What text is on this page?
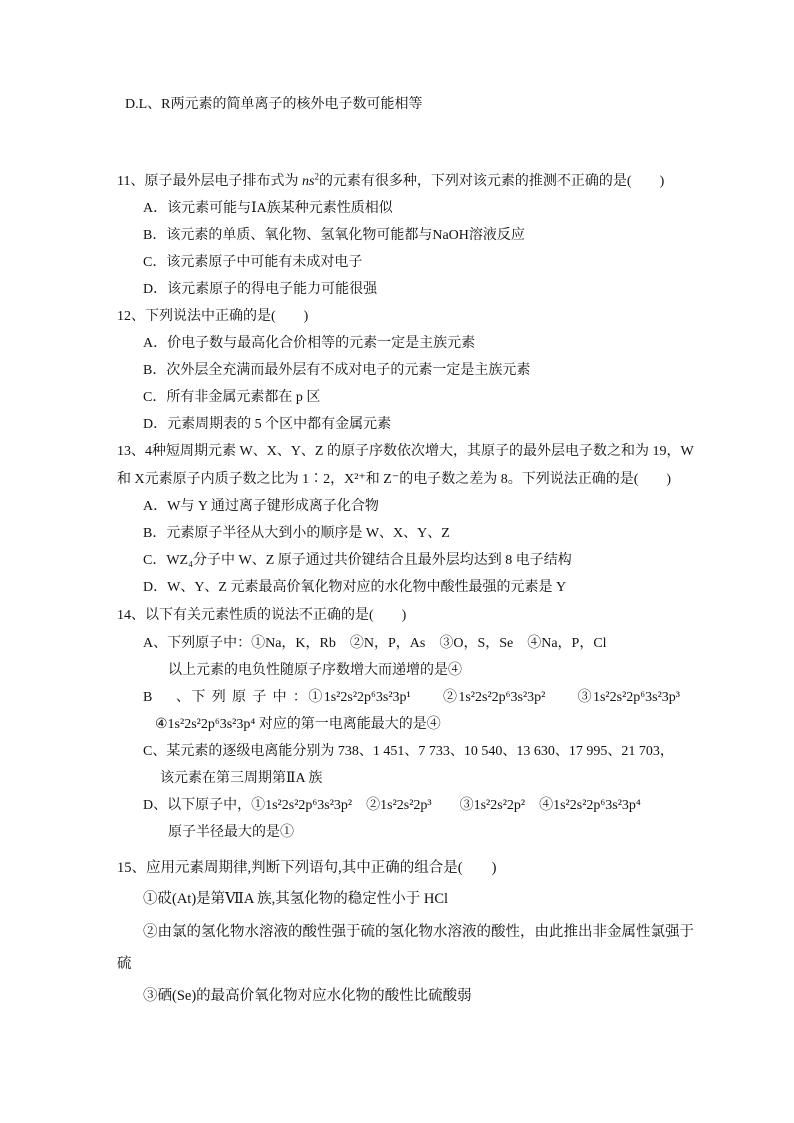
D.L、R两元素的简单离子的核外电子数可能相等
11、原子最外层电子排布式为 $ns^2$的元素有很多种，下列对该元素的推测不正确的是(　　)
A．该元素可能与ⅠA族某种元素性质相似
B．该元素的单质、氧化物、氢氧化物可能都与NaOH溶液反应
C．该元素原子中可能有未成对电子
D．该元素原子的得电子能力可能很强
12、下列说法中正确的是(　　)
A．价电子数与最高化合价相等的元素一定是主族元素
B．次外层全充满而最外层有不成对电子的元素一定是主族元素
C．所有非金属元素都在 p 区
D．元素周期表的 5 个区中都有金属元素
13、4种短周期元素 W、X、Y、Z 的原子序数依次增大，其原子的最外层电子数之和为 19，W
和 X元素原子内质子数之比为 1∶2，X²⁺和 Z⁻的电子数之差为 8。下列说法正确的是(　　)
A．W与 Y 通过离子键形成离子化合物
B．元素原子半径从大到小的顺序是 W、X、Y、Z
C．WZ₄分子中 W、Z 原子通过共价键结合且最外层均达到 8 电子结构
D．W、Y、Z 元素最高价氧化物对应的水化物中酸性最强的元素是 Y
14、以下有关元素性质的说法不正确的是(　　)
A、下列原子中：①Na，K，Rb　②N，P，As　③O，S，Se　④Na，P，Cl
以上元素的电负性随原子序数增大而递增的是④
B 、下 列 原 子 中 ：①1s²2s²2p⁶3s²3p¹　　②1s²2s²2p⁶3s²3p²　　③1s²2s²2p⁶3s²3p³
④1s²2s²2p⁶3s²3p⁴ 对应的第一电离能最大的是④
C、某元素的逐级电离能分别为 738、1 451、7 733、10 540、13 630、17 995、21 703，
该元素在第三周期第ⅡA 族
D、以下原子中，①1s²2s²2p⁶3s²3p²　②1s²2s²2p³　　③1s²2s²2p²　④1s²2s²2p⁶3s²3p⁴
原子半径最大的是①
15、应用元素周期律,判断下列语句,其中正确的组合是(　　)
①砹(At)是第ⅦA 族,其氢化物的稳定性小于 HCl
②由氯的氢化物水溶液的酸性强于硫的氢化物水溶液的酸性，由此推出非金属性氯强于
硫
③硒(Se)的最高价氧化物对应水化物的酸性比硫酸弱
